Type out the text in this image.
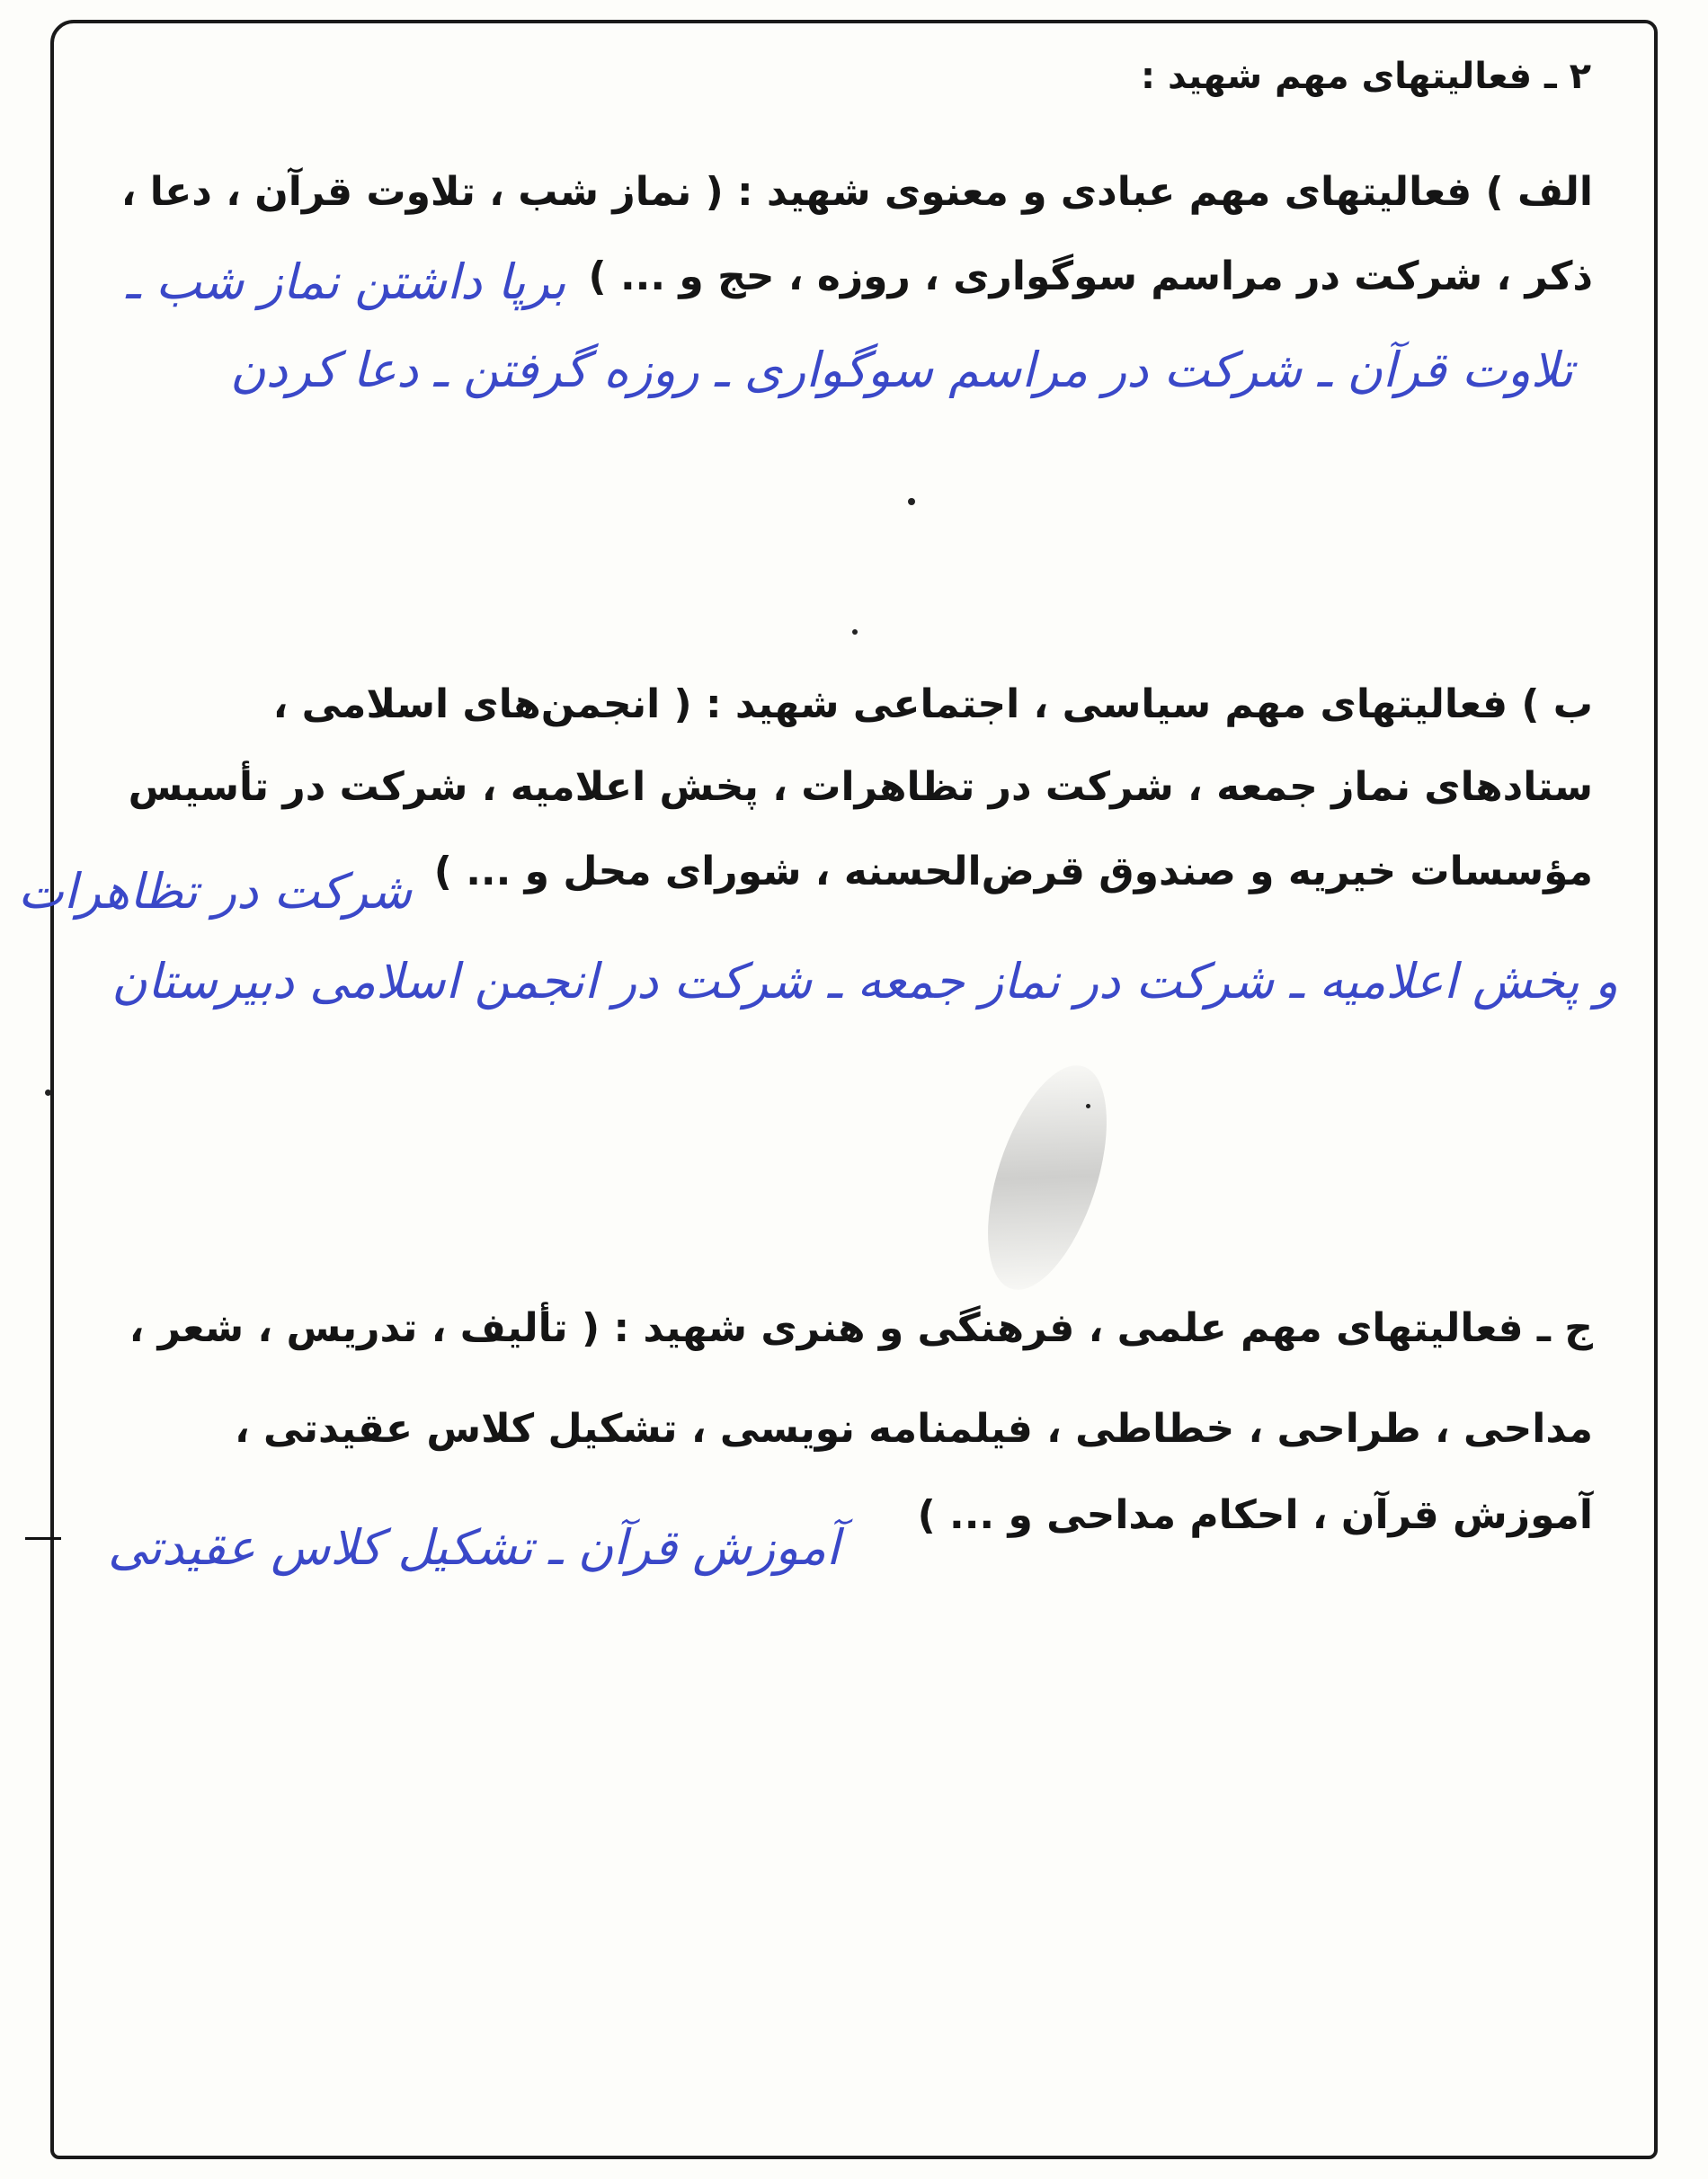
۲ ـ فعالیتهای مهم شهید :
الف ) فعالیتهای مهم عبادی و معنوی شهید : ( نماز شب ، تلاوت قرآن ، دعا ،
ذکر ، شرکت در مراسم سوگواری ، روزه ، حج و ... )
برپا داشتن نماز شب ـ
تلاوت قرآن ـ شرکت در مراسم سوگواری ـ روزه گرفتن ـ دعا کردن
ب ) فعالیتهای مهم سیاسی ، اجتماعی شهید : ( انجمن‌های اسلامی ،
ستادهای نماز جمعه ، شرکت در تظاهرات ، پخش اعلامیه ، شرکت در تأسیس
مؤسسات خیریه و صندوق قرض‌الحسنه ، شورای محل و ... )
شرکت در تظاهرات
و پخش اعلامیه ـ شرکت در نماز جمعه ـ شرکت در انجمن اسلامی دبیرستان
ج ـ فعالیتهای مهم علمی ، فرهنگی و هنری شهید : ( تألیف ، تدریس ، شعر ،
مداحی ، طراحی ، خطاطی ، فیلمنامه نویسی ، تشکیل کلاس عقیدتی ،
آموزش قرآن ، احکام مداحی و ... )
آموزش قرآن ـ تشکیل کلاس عقیدتی
